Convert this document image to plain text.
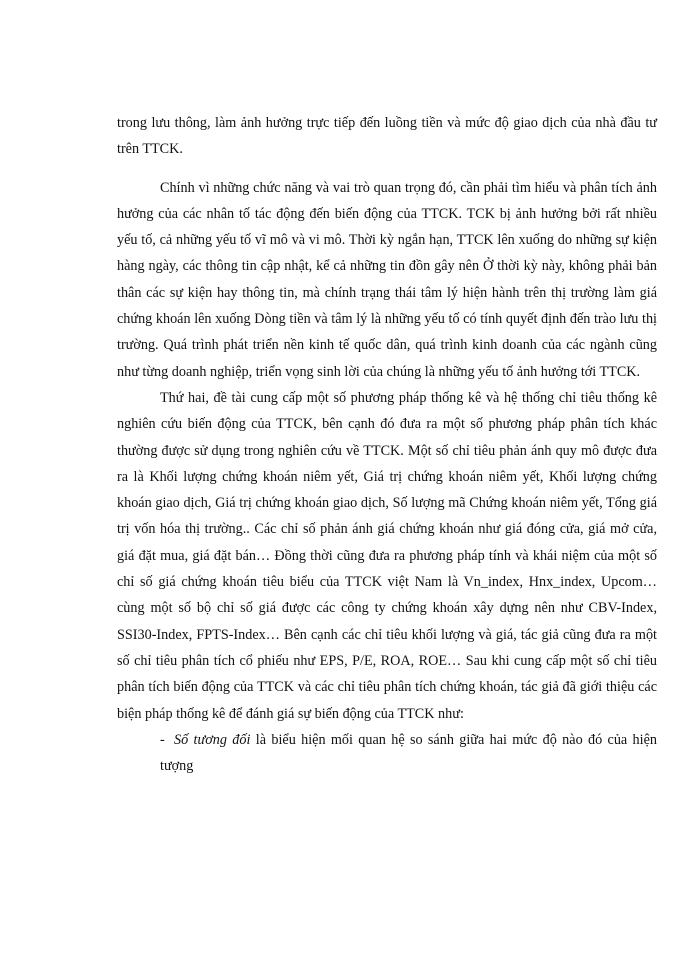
trong lưu thông, làm ảnh hưởng trực tiếp đến luồng tiền và mức độ giao dịch của nhà đầu tư trên TTCK.

Chính vì những chức năng và vai trò quan trọng đó, cần phải tìm hiểu và phân tích ảnh hưởng của các nhân tố tác động đến biến động của TTCK. TCK bị ảnh hưởng bởi rất nhiều yếu tố, cả những yếu tố vĩ mô và vi mô. Thời kỳ ngắn hạn, TTCK lên xuống do những sự kiện hàng ngày, các thông tin cập nhật, kể cả những tin đồn gây nên Ở thời kỳ này, không phải bản thân các sự kiện hay thông tin, mà chính trạng thái tâm lý hiện hành trên thị trường làm giá chứng khoán lên xuống Dòng tiền và tâm lý là những yếu tố có tính quyết định đến trào lưu thị trường. Quá trình phát triển nền kinh tế quốc dân, quá trình kinh doanh của các ngành cũng như từng doanh nghiệp, triển vọng sinh lời của chúng là những yếu tố ảnh hưởng tới TTCK.

Thứ hai, đề tài cung cấp một số phương pháp thống kê và hệ thống chỉ tiêu thống kê nghiên cứu biến động của TTCK, bên cạnh đó đưa ra một số phương pháp phân tích khác thường được sử dụng trong nghiên cứu về TTCK. Một số chỉ tiêu phản ánh quy mô được đưa ra là Khối lượng chứng khoán niêm yết, Giá trị chứng khoán niêm yết, Khối lượng chứng khoán giao dịch, Giá trị chứng khoán giao dịch, Số lượng mã Chứng khoán niêm yết, Tổng giá trị vốn hóa thị trường.. Các chỉ số phản ánh giá chứng khoán như giá đóng cửa, giá mở cửa, giá đặt mua, giá đặt bán… Đồng thời cũng đưa ra phương pháp tính và khái niệm của một số chỉ số giá chứng khoán tiêu biểu của TTCK việt Nam là Vn_index, Hnx_index, Upcom… cùng một số bộ chỉ số giá được các công ty chứng khoán xây dựng nên như CBV-Index, SSI30-Index, FPTS-Index… Bên cạnh các chỉ tiêu khối lượng và giá, tác giả cũng đưa ra một số chỉ tiêu phân tích cổ phiếu như EPS, P/E, ROA, ROE… Sau khi cung cấp một số chỉ tiêu phân tích biến động của TTCK và các chỉ tiêu phân tích chứng khoán, tác giả đã giới thiệu các biện pháp thống kê để đánh giá sự biến động của TTCK như:

- Số tương đối là biểu hiện mối quan hệ so sánh giữa hai mức độ nào đó của hiện tượng
